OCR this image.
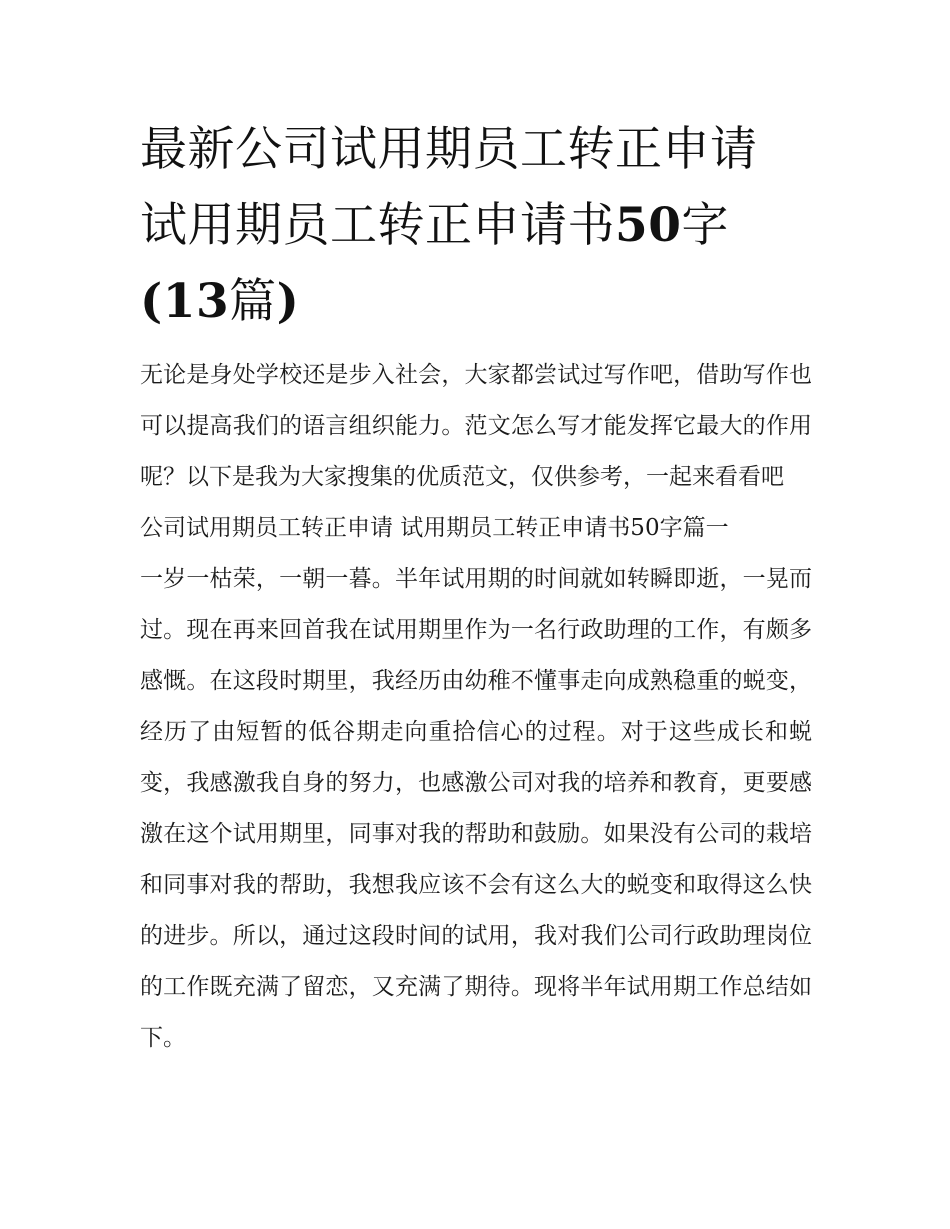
最新公司试用期员工转正申请
试用期员工转正申请书50字
(13篇)

无论是身处学校还是步入社会，大家都尝试过写作吧，借助写作也可以提高我们的语言组织能力。范文怎么写才能发挥它最大的作用呢？以下是我为大家搜集的优质范文，仅供参考，一起来看看吧

公司试用期员工转正申请 试用期员工转正申请书50字篇一

一岁一枯荣，一朝一暮。半年试用期的时间就如转瞬即逝，一晃而过。现在再来回首我在试用期里作为一名行政助理的工作，有颇多感慨。在这段时期里，我经历由幼稚不懂事走向成熟稳重的蜕变，经历了由短暂的低谷期走向重拾信心的过程。对于这些成长和蜕变，我感激我自身的努力，也感激公司对我的培养和教育，更要感激在这个试用期里，同事对我的帮助和鼓励。如果没有公司的栽培和同事对我的帮助，我想我应该不会有这么大的蜕变和取得这么快的进步。所以，通过这段时间的试用，我对我们公司行政助理岗位的工作既充满了留恋，又充满了期待。现将半年试用期工作总结如下。
